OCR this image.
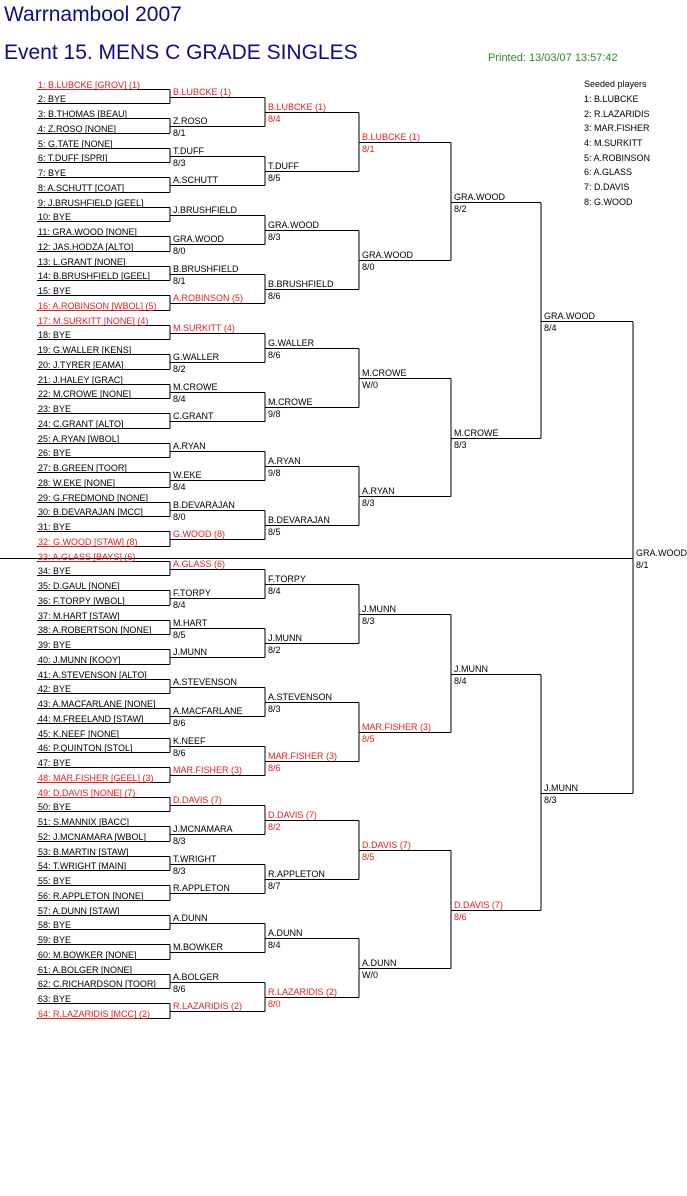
Warrnambool 2007
Event 15. MENS C GRADE SINGLES	Printed: 13/03/07 13:57:42
Seeded players
1: B.LUBCKE
2: R.LAZARIDIS
3: MAR.FISHER
4: M.SURKITT
5: A.ROBINSON
6: A.GLASS
7: D.DAVIS
8: G.WOOD
1: B.LUBCKE [GROV] (1)
2: BYE
3: B.THOMAS [BEAU]
4: Z.ROSO [NONE]
5: G.TATE [NONE]
6: T.DUFF [SPRI]
7: BYE
8: A.SCHUTT [COAT]
9: J.BRUSHFIELD [GEEL]
10: BYE
11: GRA.WOOD [NONE]
12: JAS.HODZA [ALTO]
13: L.GRANT [NONE]
14: B.BRUSHFIELD [GEEL]
15: BYE
16: A.ROBINSON [WBOL] (5)
17: M.SURKITT [NONE] (4)
18: BYE
19: G.WALLER [KENS]
20: J.TYRER [EAMA]
21: J.HALEY [GRAC]
22: M.CROWE [NONE]
23: BYE
24: C.GRANT [ALTO]
25: A.RYAN [WBOL]
26: BYE
27: B.GREEN [TOOR]
28: W.EKE [NONE]
29: G.FREDMOND [NONE]
30: B.DEVARAJAN [MCC]
31: BYE
32: G.WOOD [STAW] (8)
33: A.GLASS [BAYS] (6)
34: BYE
35: D.GAUL [NONE]
36: F.TORPY [WBOL]
37: M.HART [STAW]
38: A.ROBERTSON [NONE]
39: BYE
40: J.MUNN [KOOY]
41: A.STEVENSON [ALTO]
42: BYE
43: A.MACFARLANE [NONE]
44: M.FREELAND [STAW]
45: K.NEEF [NONE]
46: P.QUINTON [STOL]
47: BYE
48: MAR.FISHER [GEEL] (3)
49: D.DAVIS [NONE] (7)
50: BYE
51: S.MANNIX [BACC]
52: J.MCNAMARA [WBOL]
53: B.MARTIN [STAW]
54: T.WRIGHT [MAIN]
55: BYE
56: R.APPLETON [NONE]
57: A.DUNN [STAW]
58: BYE
59: BYE
60: M.BOWKER [NONE]
61: A.BOLGER [NONE]
62: C.RICHARDSON [TOOR]
63: BYE
64: R.LAZARIDIS [MCC] (2)
B.LUBCKE (1)
Z.ROSO
8/1
T.DUFF
8/3
A.SCHUTT
J.BRUSHFIELD
GRA.WOOD
8/0
B.BRUSHFIELD
8/1
A.ROBINSON (5)
M.SURKITT (4)
G.WALLER
8/2
M.CROWE
8/4
C.GRANT
A.RYAN
W.EKE
8/4
B.DEVARAJAN
8/0
G.WOOD (8)
A.GLASS (6)
F.TORPY
8/4
M.HART
8/5
J.MUNN
A.STEVENSON
A.MACFARLANE
8/6
K.NEEF
8/6
MAR.FISHER (3)
D.DAVIS (7)
J.MCNAMARA
8/3
T.WRIGHT
8/3
R.APPLETON
A.DUNN
M.BOWKER
A.BOLGER
8/6
R.LAZARIDIS (2)
B.LUBCKE (1)
8/4
T.DUFF
8/5
GRA.WOOD
8/3
B.BRUSHFIELD
8/6
G.WALLER
8/6
M.CROWE
9/8
A.RYAN
9/8
B.DEVARAJAN
8/5
F.TORPY
8/4
J.MUNN
8/2
A.STEVENSON
8/3
MAR.FISHER (3)
8/6
D.DAVIS (7)
8/2
R.APPLETON
8/7
A.DUNN
8/4
R.LAZARIDIS (2)
8/0
B.LUBCKE (1)
8/1
GRA.WOOD
8/0
M.CROWE
W/0
A.RYAN
8/3
J.MUNN
8/3
MAR.FISHER (3)
8/5
D.DAVIS (7)
8/5
A.DUNN
W/0
GRA.WOOD
8/2
M.CROWE
8/3
J.MUNN
8/4
D.DAVIS (7)
8/6
GRA.WOOD
8/4
J.MUNN
8/3
GRA.WOOD
8/1
